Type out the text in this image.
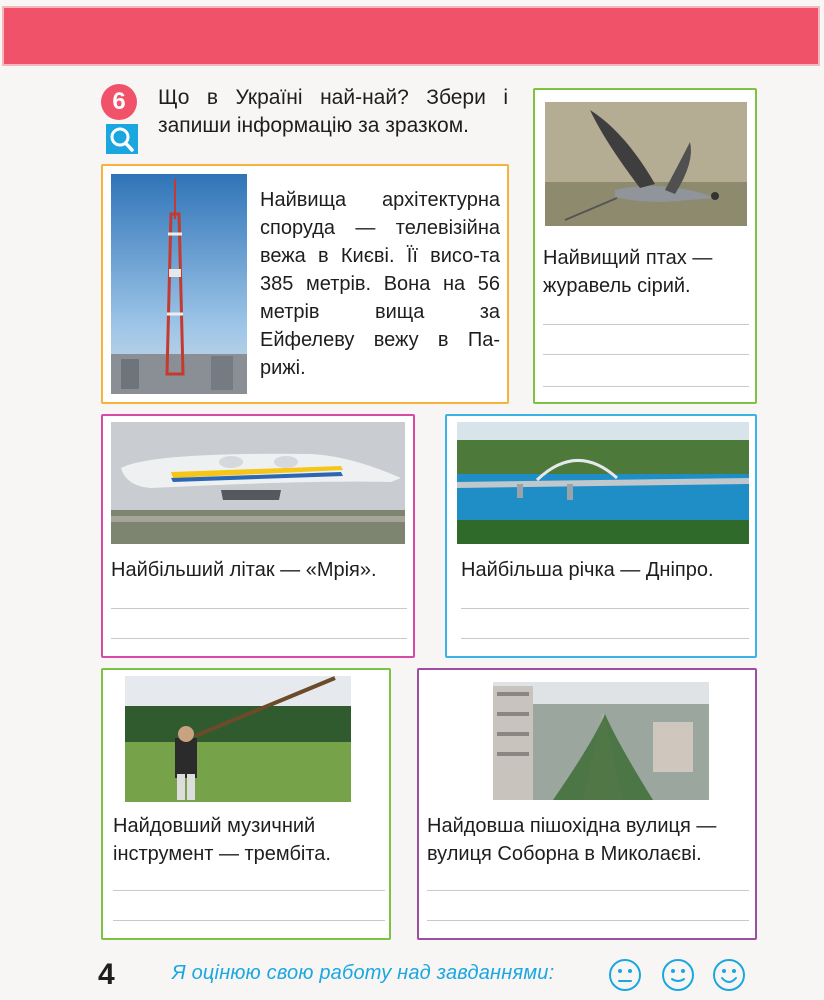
6	Що в Україні най-най? Збери і запиши інформацію за зразком.
Найвища архітектурна споруда — телевізійна вежа в Києві. Її висо-та 385 метрів. Вона на 56 метрів вища за Ейфелеву вежу в Па-рижі.
Найвищий птах — журавель сірий.
Найбільший літак — «Мрія».	Найбільша річка — Дніпро.
Найдовший музичний інструмент — трембіта.
Найдовша пішохідна вулиця — вулиця Соборна в Миколаєві.
4	Я оцінюю свою работу над завданнями:
